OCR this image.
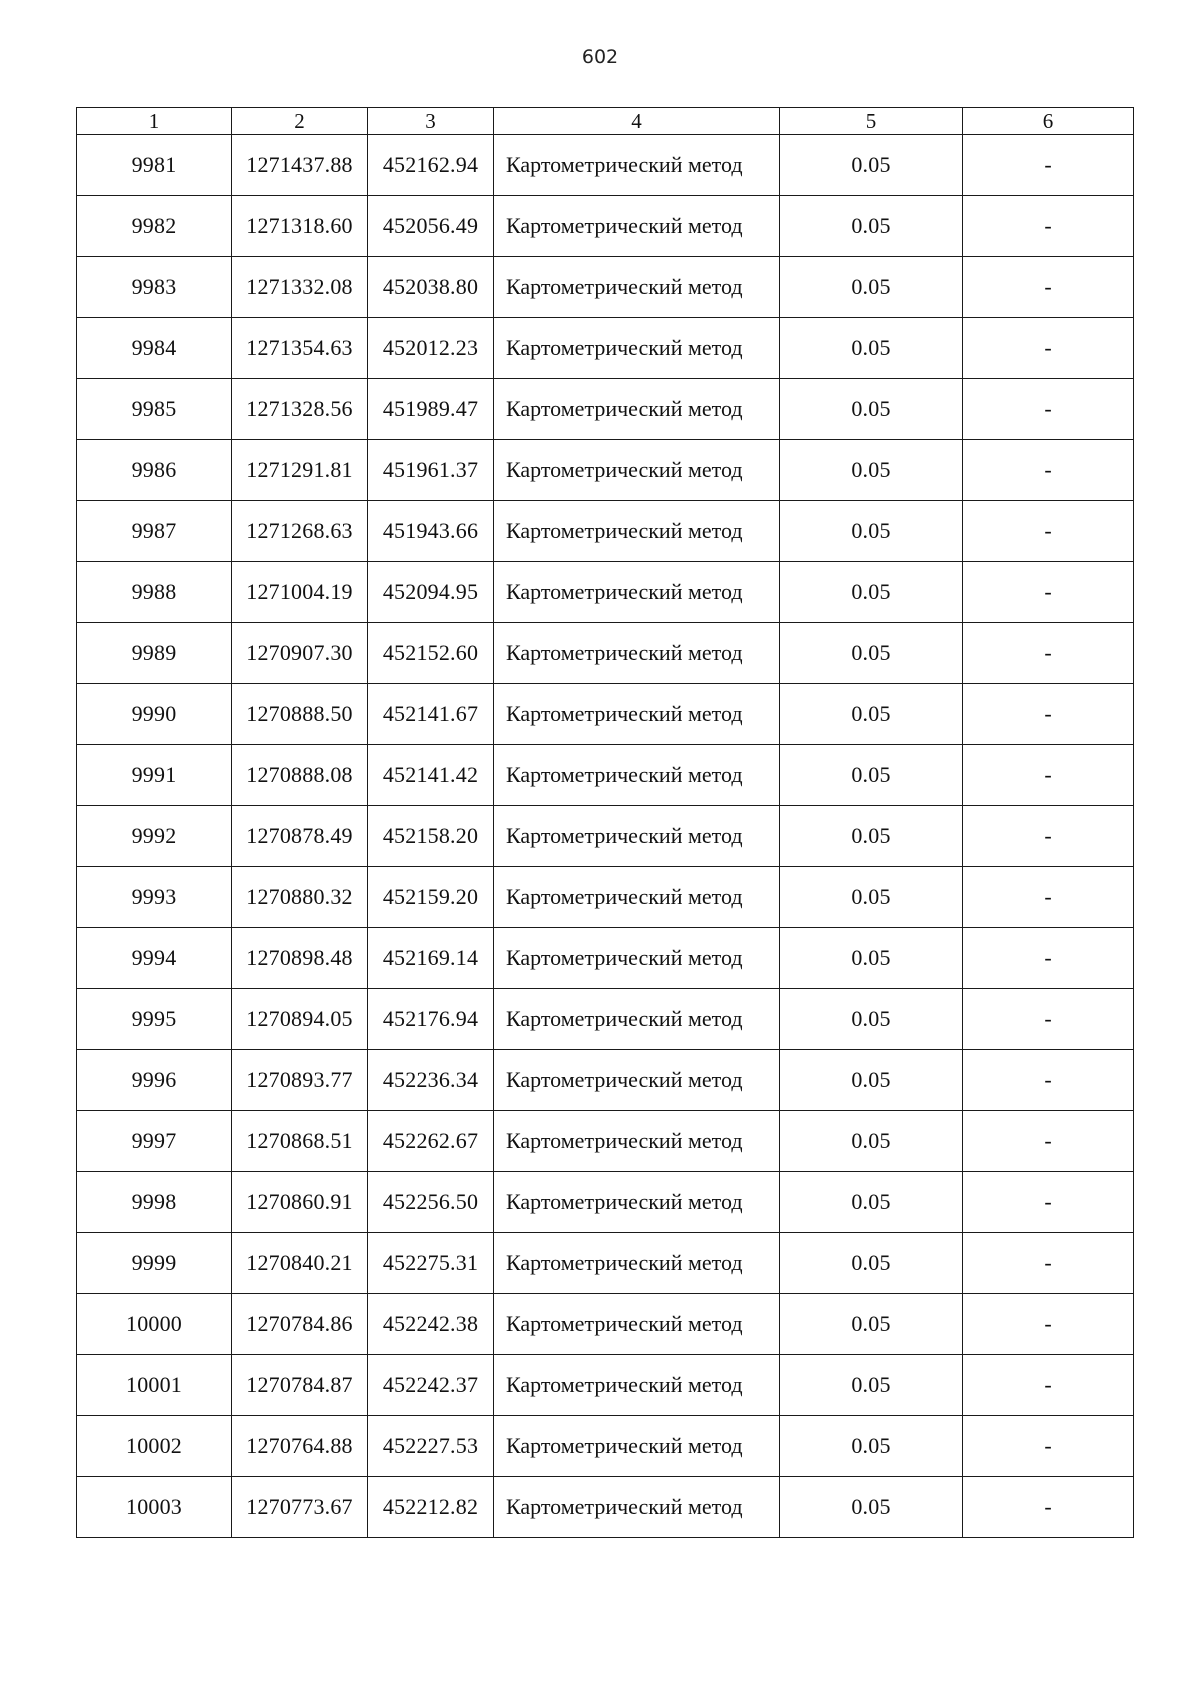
602
1	2	3	4	5	6
9981	1271437.88	452162.94	Картометрический метод	0.05	-
9982	1271318.60	452056.49	Картометрический метод	0.05	-
9983	1271332.08	452038.80	Картометрический метод	0.05	-
9984	1271354.63	452012.23	Картометрический метод	0.05	-
9985	1271328.56	451989.47	Картометрический метод	0.05	-
9986	1271291.81	451961.37	Картометрический метод	0.05	-
9987	1271268.63	451943.66	Картометрический метод	0.05	-
9988	1271004.19	452094.95	Картометрический метод	0.05	-
9989	1270907.30	452152.60	Картометрический метод	0.05	-
9990	1270888.50	452141.67	Картометрический метод	0.05	-
9991	1270888.08	452141.42	Картометрический метод	0.05	-
9992	1270878.49	452158.20	Картометрический метод	0.05	-
9993	1270880.32	452159.20	Картометрический метод	0.05	-
9994	1270898.48	452169.14	Картометрический метод	0.05	-
9995	1270894.05	452176.94	Картометрический метод	0.05	-
9996	1270893.77	452236.34	Картометрический метод	0.05	-
9997	1270868.51	452262.67	Картометрический метод	0.05	-
9998	1270860.91	452256.50	Картометрический метод	0.05	-
9999	1270840.21	452275.31	Картометрический метод	0.05	-
10000	1270784.86	452242.38	Картометрический метод	0.05	-
10001	1270784.87	452242.37	Картометрический метод	0.05	-
10002	1270764.88	452227.53	Картометрический метод	0.05	-
10003	1270773.67	452212.82	Картометрический метод	0.05	-
